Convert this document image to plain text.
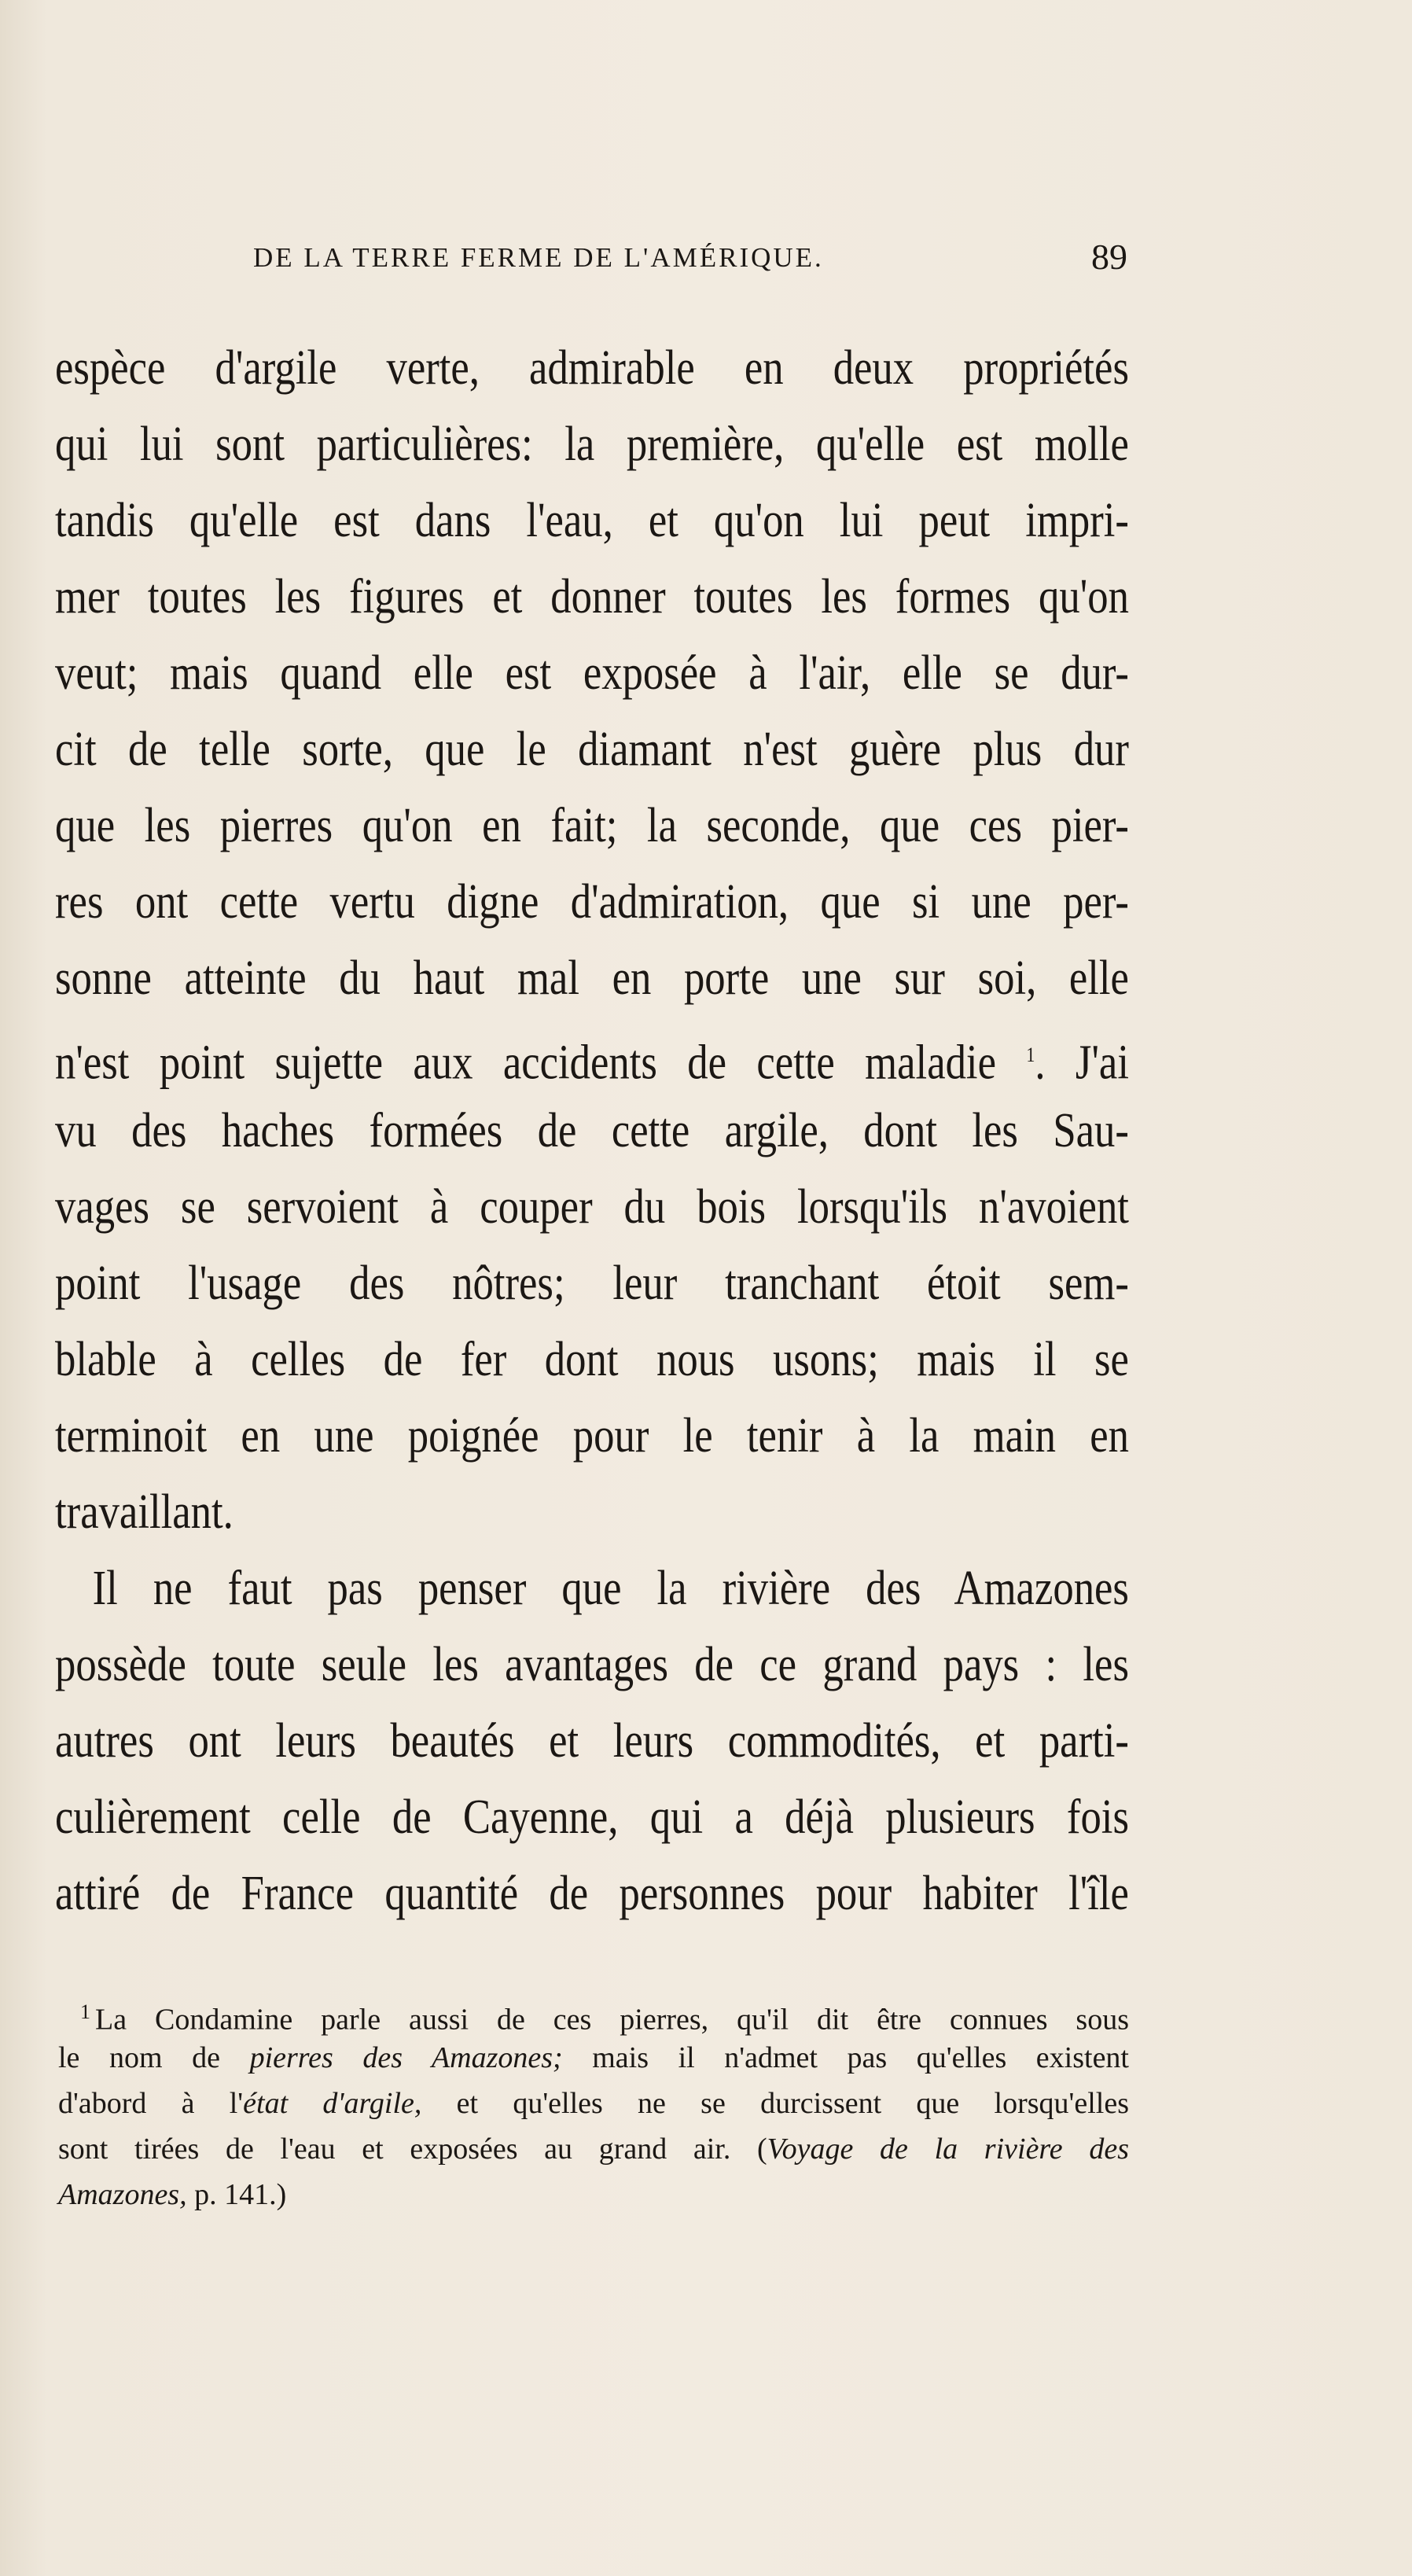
DE LA TERRE FERME DE L'AMÉRIQUE.	89
espèce d'argile verte, admirable en deux propriétés
qui lui sont particulières: la première, qu'elle est molle
tandis qu'elle est dans l'eau, et qu'on lui peut impri-
mer toutes les figures et donner toutes les formes qu'on
veut; mais quand elle est exposée à l'air, elle se dur-
cit de telle sorte, que le diamant n'est guère plus dur
que les pierres qu'on en fait; la seconde, que ces pier-
res ont cette vertu digne d'admiration, que si une per-
sonne atteinte du haut mal en porte une sur soi, elle
n'est point sujette aux accidents de cette maladie $^1$. J'ai
vu des haches formées de cette argile, dont les Sau-
vages se servoient à couper du bois lorsqu'ils n'avoient
point l'usage des nôtres; leur tranchant étoit sem-
blable à celles de fer dont nous usons; mais il se
terminoit en une poignée pour le tenir à la main en
travaillant.
Il ne faut pas penser que la rivière des Amazones
possède toute seule les avantages de ce grand pays : les
autres ont leurs beautés et leurs commodités, et parti-
culièrement celle de Cayenne, qui a déjà plusieurs fois
attiré de France quantité de personnes pour habiter l'île
$^1$ La Condamine parle aussi de ces pierres, qu'il dit être connues sous
le nom de pierres des Amazones; mais il n'admet pas qu'elles existent
d'abord à l'état d'argile, et qu'elles ne se durcissent que lorsqu'elles
sont tirées de l'eau et exposées au grand air. (Voyage de la rivière des
Amazones, p. 141.)
